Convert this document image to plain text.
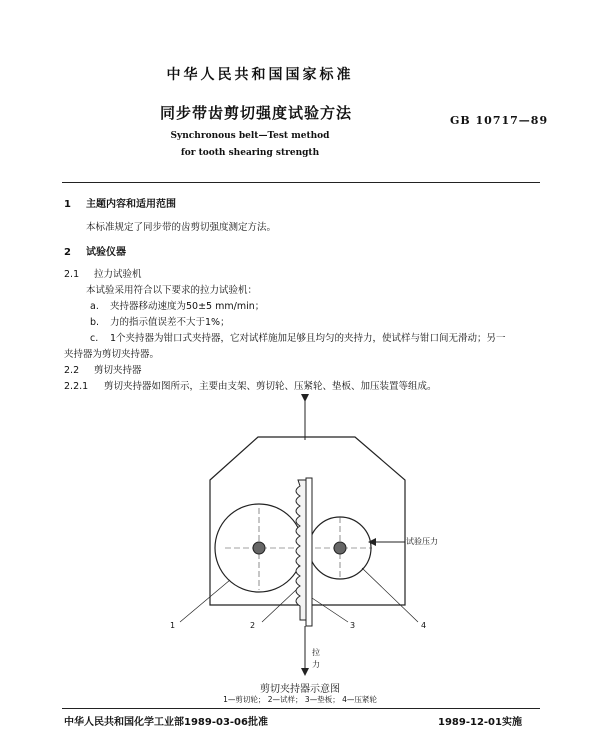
中华人民共和国国家标准
同步带齿剪切强度试验方法	GB 10717—89
Synchronous belt—Test method
for tooth shearing strength
1 主题内容和适用范围
本标准规定了同步带的齿剪切强度测定方法。
2 试验仪器
2.1 拉力试验机
本试验采用符合以下要求的拉力试验机：
a. 夹持器移动速度为50±5 mm/min；
b. 力的指示值误差不大于1%；
c. 1个夹持器为钳口式夹持器，它对试样施加足够且均匀的夹持力，使试样与钳口间无滑动；另一
夹持器为剪切夹持器。
2.2 剪切夹持器
2.2.1 剪切夹持器如图所示，主要由支架、剪切轮、压紧轮、垫板、加压装置等组成。
试验压力
拉
力
1	2	3	4
剪切夹持器示意图
1—剪切轮； 2—试样； 3—垫板； 4—压紧轮
中华人民共和国化学工业部1989-03-06批准	1989-12-01实施
